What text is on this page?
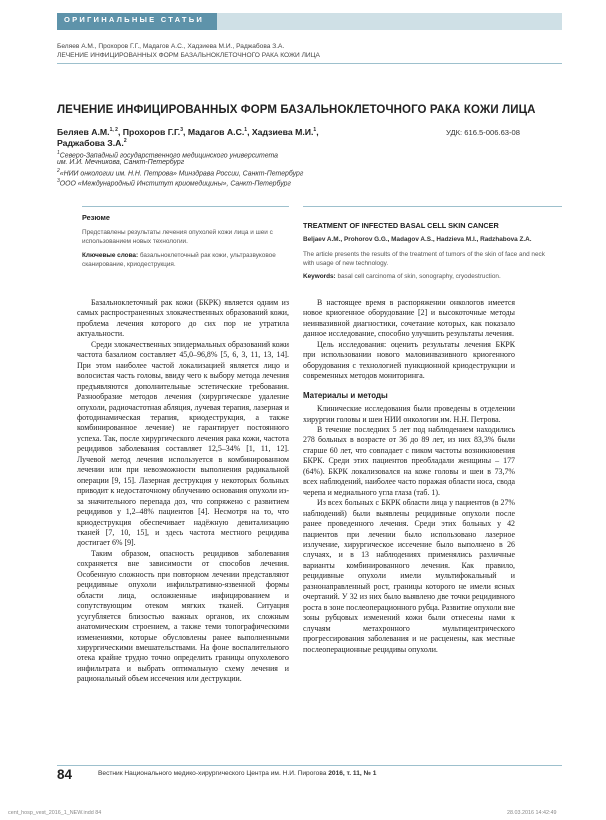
ОРИГИНАЛЬНЫЕ СТАТЬИ
Беляев А.М., Прохоров Г.Г., Мадагов А.С., Хадзиева М.И., Раджабова З.А.
ЛЕЧЕНИЕ ИНФИЦИРОВАННЫХ ФОРМ БАЗАЛЬНОКЛЕТОЧНОГО РАКА КОЖИ ЛИЦА
ЛЕЧЕНИЕ ИНФИЦИРОВАННЫХ ФОРМ БАЗАЛЬНОКЛЕТОЧНОГО РАКА КОЖИ ЛИЦА
Беляев А.М.$^{1, 2}$, Прохоров Г.Г.$^3$, Мадагов А.С.$^1$, Хадзиева М.И.$^1$,
Раджабова З.А.$^2$
УДК: 616.5-006.63-08
$^1$Северо-Западный государственного медицинского университета
им. И.И. Мечникова, Санкт-Петербург
$^2$«НИИ онкологии им. Н.Н. Петрова» Минздрава России, Санкт-Петербург
$^3$ООО «Международный Институт криомедицины», Санкт-Петербург
Резюме
Представлены результаты лечения опухолей кожи лица и шеи с использованием новых технологии.
Ключевые слова: базальноклеточный рак кожи, ультразвуковое сканирование, криодеструкция.
TREATMENT OF INFECTED BASAL CELL SKIN CANCER
Beljaev A.M., Prohorov G.G., Madagov A.S., Hadzieva M.I., Radzhabova Z.A.
The article presents the results of the treatment of tumors of the skin of face and neck with usage of new technology.
Keywords: basal cell carcinoma of skin, sonography, cryodestruction.

Базальноклеточный рак кожи (БКРК) является одним из самых распространенных злокачественных образований кожи, проблема лечения которого до сих пор не утратила актуальности.

Среди злокачественных эпидермальных образований кожи частота базалиом составляет 45,0–96,8% [5, 6, 3, 11, 13, 14]. При этом наиболее частой локализацией является лицо и волосистая часть головы, ввиду чего к выбору метода лечения предъявляются дополнительные эстетические требования. Разнообразие методов лечения (хирургическое удаление опухоли, радиочастотная абляция, лучевая терапия, лазерная и фотодинамическая терапия, криодеструкция, а также комбинированное лечение) не гарантирует постоянного успеха. Так, после хирургического лечения рака кожи, частота рецидивов заболевания составляет 12,5–34% [1, 11, 12]. Лучевой метод лечения используется в комбинированном лечении или при невозможности выполнения радикальной операции [9, 15]. Лазерная деструкция у некоторых больных приводит к недостаточному облучению основания опухоли из-за значительного перепада доз, что сопряжено с развитием рецидивов у 1,2–48% пациентов [4]. Несмотря на то, что криодеструкция обеспечивает надёжную девитализацию тканей [7, 10, 15], и здесь частота местного рецидива достигает 6% [9].

Таким образом, опасность рецидивов заболевания сохраняется вне зависимости от способов лечения. Особенную сложность при повторном лечении представляют рецидивные опухоли инфильтративно-язвенной формы области лица, осложненные инфицированием и сопутствующим отеком мягких тканей. Ситуация усугубляется близостью важных органов, их сложным анатомическим строением, а также теми топографическими изменениями, которые обусловлены ранее выполненными хирургическими вмешательствами. На фоне воспалительного отека крайне трудно точно определить границы опухолевого инфильтрата и выбрать оптимальную схему лечения и рациональный объем иссечения или деструкции.

В настоящее время в распоряжении онкологов имеется новое криогенное оборудование [2] и высокоточные методы неинвазивной диагностики, сочетание которых, как показало данное исследование, способно улучшить результаты лечения.

Цель исследования: оценить результаты лечения БКРК при использовании нового маловинвазивного криогенного оборудования с технологией пункционной криодеструкции и современных методов мониторинга.

Материалы и методы

Клинические исследования были проведены в отделении хирургии головы и шеи НИИ онкологии им. Н.Н. Петрова.

В течение последних 5 лет под наблюдением находились 278 больных в возрасте от 36 до 89 лет, из них 83,3% были старше 60 лет, что совпадает с пиком частоты возникновения БКРК. Среди этих пациентов преобладали женщины – 177 (64%). БКРК локализовался на коже головы и шеи в 73,7% всех наблюдений, наиболее часто поражая области носа, свода черепа и медиального угла глаза (таб. 1).

Из всех больных с БКРК области лица у пациентов (в 27% наблюдений) были выявлены рецидивные опухоли после ранее проведенного лечения. Среди этих больных у 42 пациентов при лечении было использовано лазерное излучение, хирургическое иссечение было выполнено в 26 случаях, и в 13 наблюдениях применялись различные варианты комбинированного лечения. Как правило, рецидивные опухоли имели мультифокальный и разнонаправленный рост, границы которого не имели ясных очертаний. У 32 из них было выявлено две точки рецидивного роста в зоне послеоперационного рубца. Развитие опухоли вне зоны рубцовых изменений кожи были отнесены нами к случаям метахронного мультицентрического прогрессирования заболевания и не расценены, как местные послеоперационные рецидивы опухоли.

84	Вестник Национального медико-хирургического Центра им. Н.И. Пирогова 2016, т. 11, № 1
cent_hosp_vest_2016_1_NEW.indd 84	28.03.2016 14:42:49
